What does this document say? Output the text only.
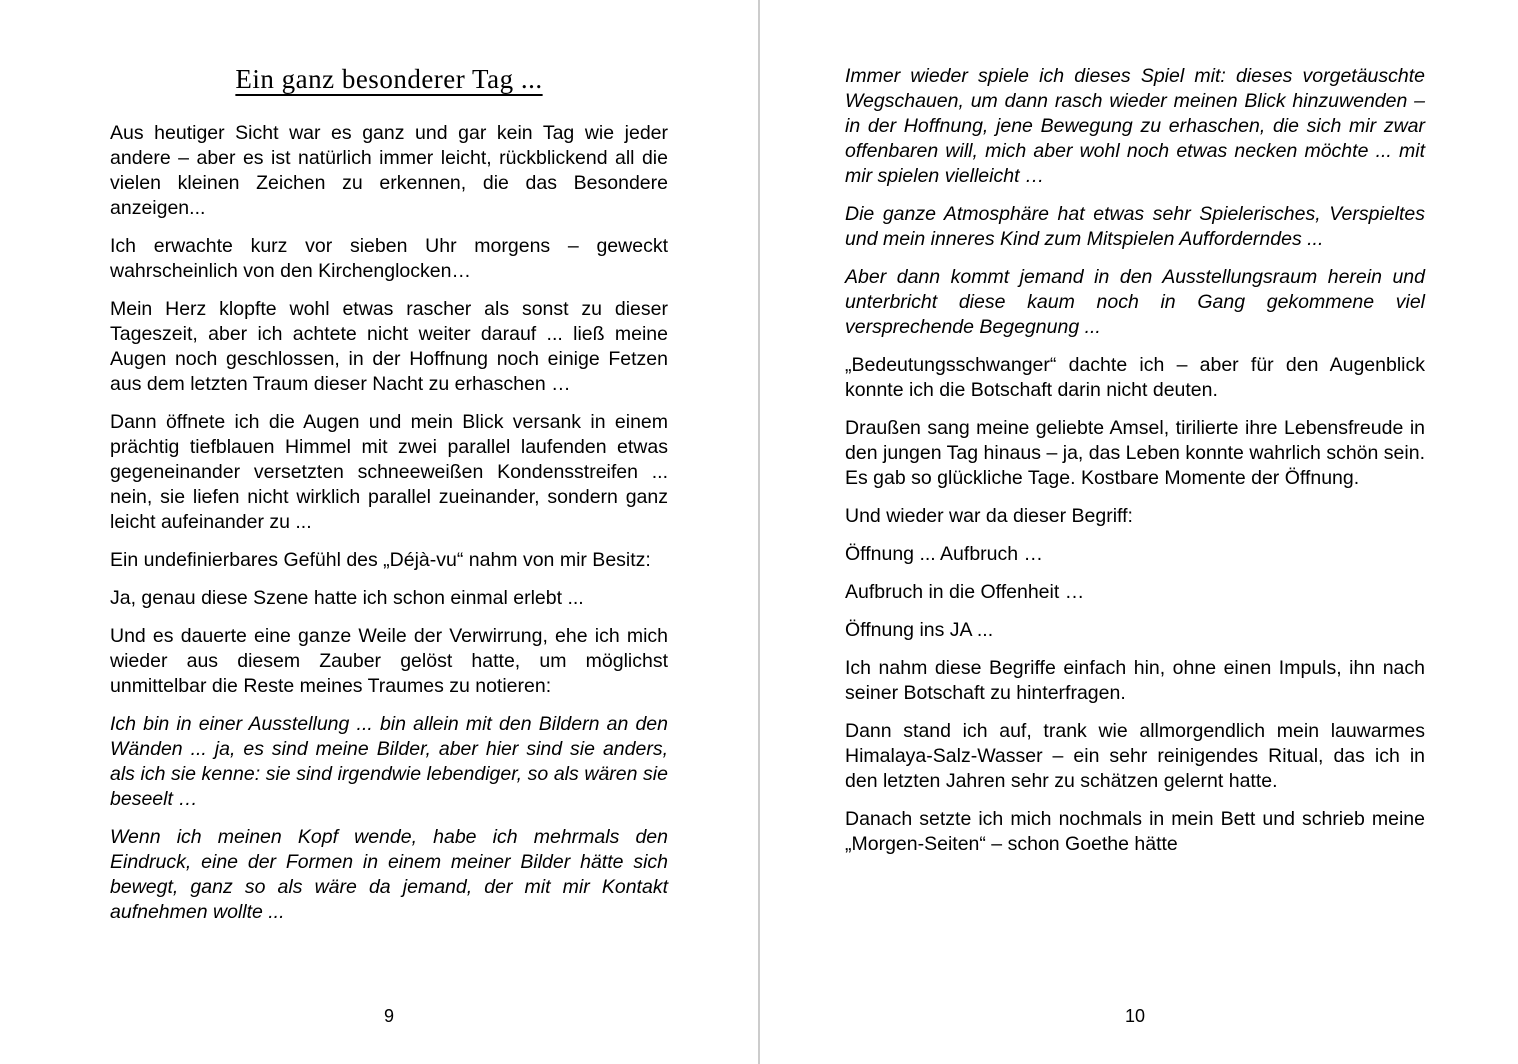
Ein ganz besonderer Tag ...

Aus heutiger Sicht war es ganz und gar kein Tag wie jeder andere – aber es ist natürlich immer leicht, rückblickend all die vielen kleinen Zeichen zu erkennen, die das Besondere anzeigen...

Ich erwachte kurz vor sieben Uhr morgens – geweckt wahrscheinlich von den Kirchenglocken…

Mein Herz klopfte wohl etwas rascher als sonst zu dieser Tageszeit, aber ich achtete nicht weiter darauf ... ließ meine Augen noch geschlossen, in der Hoffnung noch einige Fetzen aus dem letzten Traum dieser Nacht zu erhaschen …

Dann öffnete ich die Augen und mein Blick versank in einem prächtig tiefblauen Himmel mit zwei parallel laufenden etwas gegeneinander versetzten schneeweißen Kondensstreifen ... nein, sie liefen nicht wirklich parallel zueinander, sondern ganz leicht aufeinander zu ...

Ein undefinierbares Gefühl des „Déjà-vu“ nahm von mir Besitz:

Ja, genau diese Szene hatte ich schon einmal erlebt ...

Und es dauerte eine ganze Weile der Verwirrung, ehe ich mich wieder aus diesem Zauber gelöst hatte, um möglichst unmittelbar die Reste meines Traumes zu notieren:

Ich bin in einer Ausstellung ... bin allein mit den Bildern an den Wänden ... ja, es sind meine Bilder, aber hier sind sie anders, als ich sie kenne: sie sind irgendwie lebendiger, so als wären sie beseelt …

Wenn ich meinen Kopf wende, habe ich mehrmals den Eindruck, eine der Formen in einem meiner Bilder hätte sich bewegt, ganz so als wäre da jemand, der mit mir Kontakt aufnehmen wollte ...

9

Immer wieder spiele ich dieses Spiel mit: dieses vorgetäuschte Wegschauen, um dann rasch wieder meinen Blick hinzuwenden – in der Hoffnung, jene Bewegung zu erhaschen, die sich mir zwar offenbaren will, mich aber wohl noch etwas necken möchte ... mit mir spielen vielleicht …

Die ganze Atmosphäre hat etwas sehr Spielerisches, Verspieltes und mein inneres Kind zum Mitspielen Aufforderndes ...

Aber dann kommt jemand in den Ausstellungsraum herein und unterbricht diese kaum noch in Gang gekommene viel versprechende Begegnung ...

„Bedeutungsschwanger“ dachte ich – aber für den Augenblick konnte ich die Botschaft darin nicht deuten.

Draußen sang meine geliebte Amsel, tirilierte ihre Lebensfreude in den jungen Tag hinaus – ja, das Leben konnte wahrlich schön sein. Es gab so glückliche Tage. Kostbare Momente der Öffnung.

Und wieder war da dieser Begriff:

Öffnung ... Aufbruch …

Aufbruch in die Offenheit …

Öffnung ins JA ...

Ich nahm diese Begriffe einfach hin, ohne einen Impuls, ihn nach seiner Botschaft zu hinterfragen.

Dann stand ich auf, trank wie allmorgendlich mein lauwarmes Himalaya-Salz-Wasser – ein sehr reinigendes Ritual, das ich in den letzten Jahren sehr zu schätzen gelernt hatte.

Danach setzte ich mich nochmals in mein Bett und schrieb meine „Morgen-Seiten“ – schon Goethe hätte

10
